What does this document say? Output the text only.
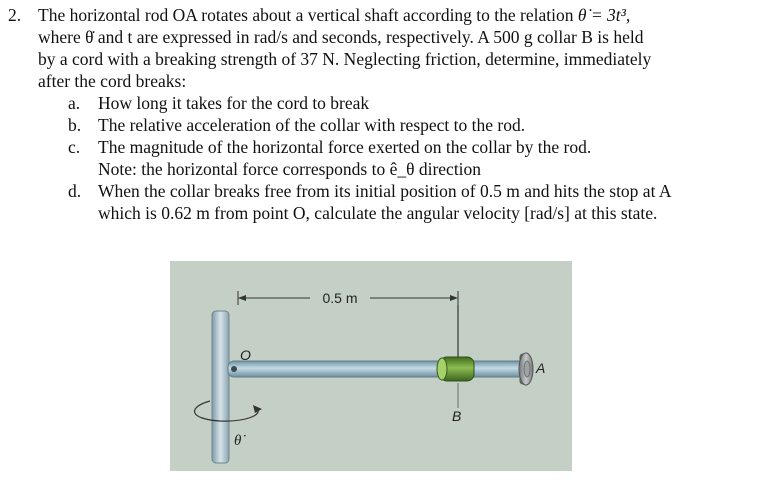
2. The horizontal rod OA rotates about a vertical shaft according to the relation θ̇ = 3t³,

where θ̇ and t are expressed in rad/s and seconds, respectively. A 500 g collar B is held

by a cord with a breaking strength of 37 N. Neglecting friction, determine, immediately

after the cord breaks:

a. How long it takes for the cord to break
b. The relative acceleration of the collar with respect to the rod.
c. The magnitude of the horizontal force exerted on the collar by the rod.
Note: the horizontal force corresponds to ê_θ direction
d. When the collar breaks free from its initial position of 0.5 m and hits the stop at A
which is 0.62 m from point O, calculate the angular velocity [rad/s] at this state.
0.5 m
O
A
B
θ̇
